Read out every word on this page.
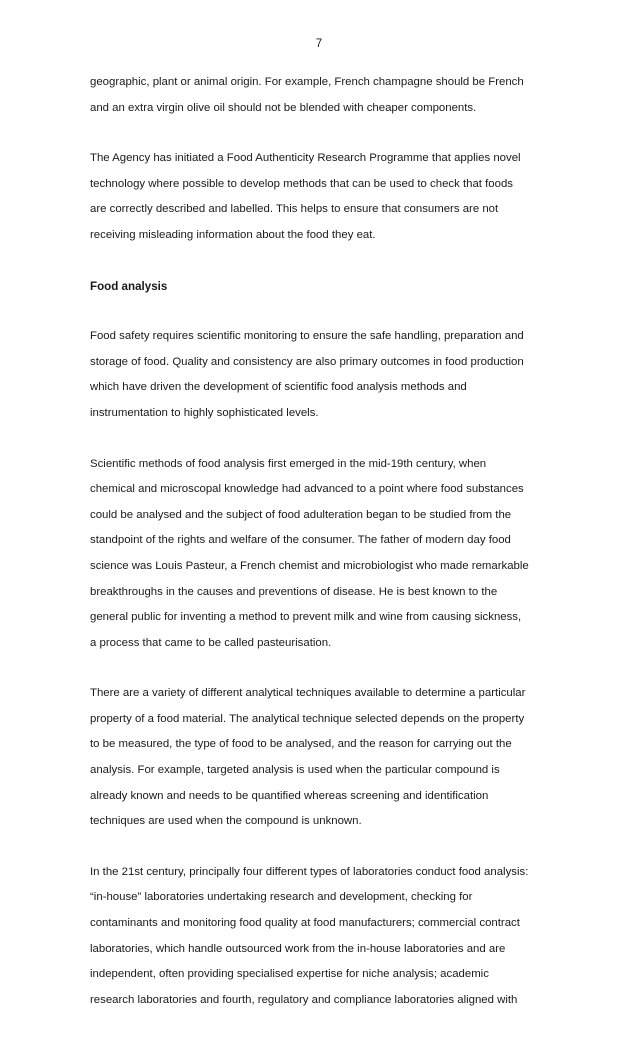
7

geographic, plant or animal origin. For example, French champagne should be French
and an extra virgin olive oil should not be blended with cheaper components.

The Agency has initiated a Food Authenticity Research Programme that applies novel
technology where possible to develop methods that can be used to check that foods
are correctly described and labelled. This helps to ensure that consumers are not
receiving misleading information about the food they eat.

Food analysis

Food safety requires scientific monitoring to ensure the safe handling, preparation and
storage of food. Quality and consistency are also primary outcomes in food production
which have driven the development of scientific food analysis methods and
instrumentation to highly sophisticated levels.

Scientific methods of food analysis first emerged in the mid-19th century, when
chemical and microscopal knowledge had advanced to a point where food substances
could be analysed and the subject of food adulteration began to be studied from the
standpoint of the rights and welfare of the consumer. The father of modern day food
science was Louis Pasteur, a French chemist and microbiologist who made remarkable
breakthroughs in the causes and preventions of disease. He is best known to the
general public for inventing a method to prevent milk and wine from causing sickness,
a process that came to be called pasteurisation.

There are a variety of different analytical techniques available to determine a particular
property of a food material. The analytical technique selected depends on the property
to be measured, the type of food to be analysed, and the reason for carrying out the
analysis. For example, targeted analysis is used when the particular compound is
already known and needs to be quantified whereas screening and identification
techniques are used when the compound is unknown.

In the 21st century, principally four different types of laboratories conduct food analysis:
“in-house” laboratories undertaking research and development, checking for
contaminants and monitoring food quality at food manufacturers; commercial contract
laboratories, which handle outsourced work from the in-house laboratories and are
independent, often providing specialised expertise for niche analysis; academic
research laboratories and fourth, regulatory and compliance laboratories aligned with
